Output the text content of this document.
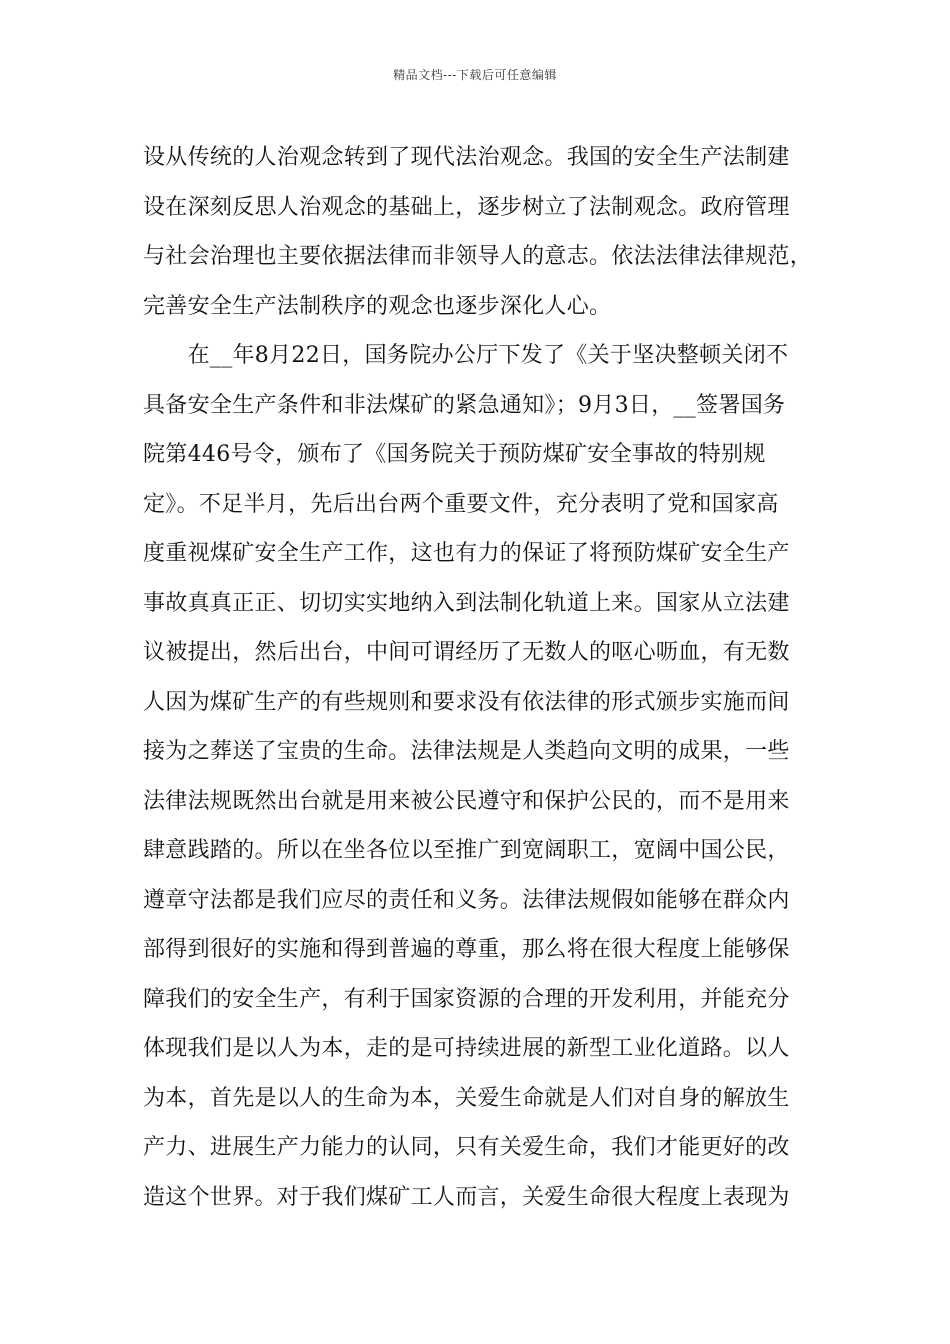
精品文档---下载后可任意编辑
设从传统的人治观念转到了现代法治观念。我国的安全生产法制建
设在深刻反思人治观念的基础上，逐步树立了法制观念。政府管理
与社会治理也主要依据法律而非领导人的意志。依法法律法律规范，
完善安全生产法制秩序的观念也逐步深化人心。
　　在__年8月22日，国务院办公厅下发了《关于坚决整顿关闭不
具备安全生产条件和非法煤矿的紧急通知》；9月3日，__签署国务
院第446号令，颁布了《国务院关于预防煤矿安全事故的特别规
定》。不足半月，先后出台两个重要文件，充分表明了党和国家高
度重视煤矿安全生产工作，这也有力的保证了将预防煤矿安全生产
事故真真正正、切切实实地纳入到法制化轨道上来。国家从立法建
议被提出，然后出台，中间可谓经历了无数人的呕心呖血，有无数
人因为煤矿生产的有些规则和要求没有依法律的形式颁步实施而间
接为之葬送了宝贵的生命。法律法规是人类趋向文明的成果，一些
法律法规既然出台就是用来被公民遵守和保护公民的，而不是用来
肆意践踏的。所以在坐各位以至推广到宽阔职工，宽阔中国公民，
遵章守法都是我们应尽的责任和义务。法律法规假如能够在群众内
部得到很好的实施和得到普遍的尊重，那么将在很大程度上能够保
障我们的安全生产，有利于国家资源的合理的开发利用，并能充分
体现我们是以人为本，走的是可持续进展的新型工业化道路。以人
为本，首先是以人的生命为本，关爱生命就是人们对自身的解放生
产力、进展生产力能力的认同，只有关爱生命，我们才能更好的改
造这个世界。对于我们煤矿工人而言，关爱生命很大程度上表现为
